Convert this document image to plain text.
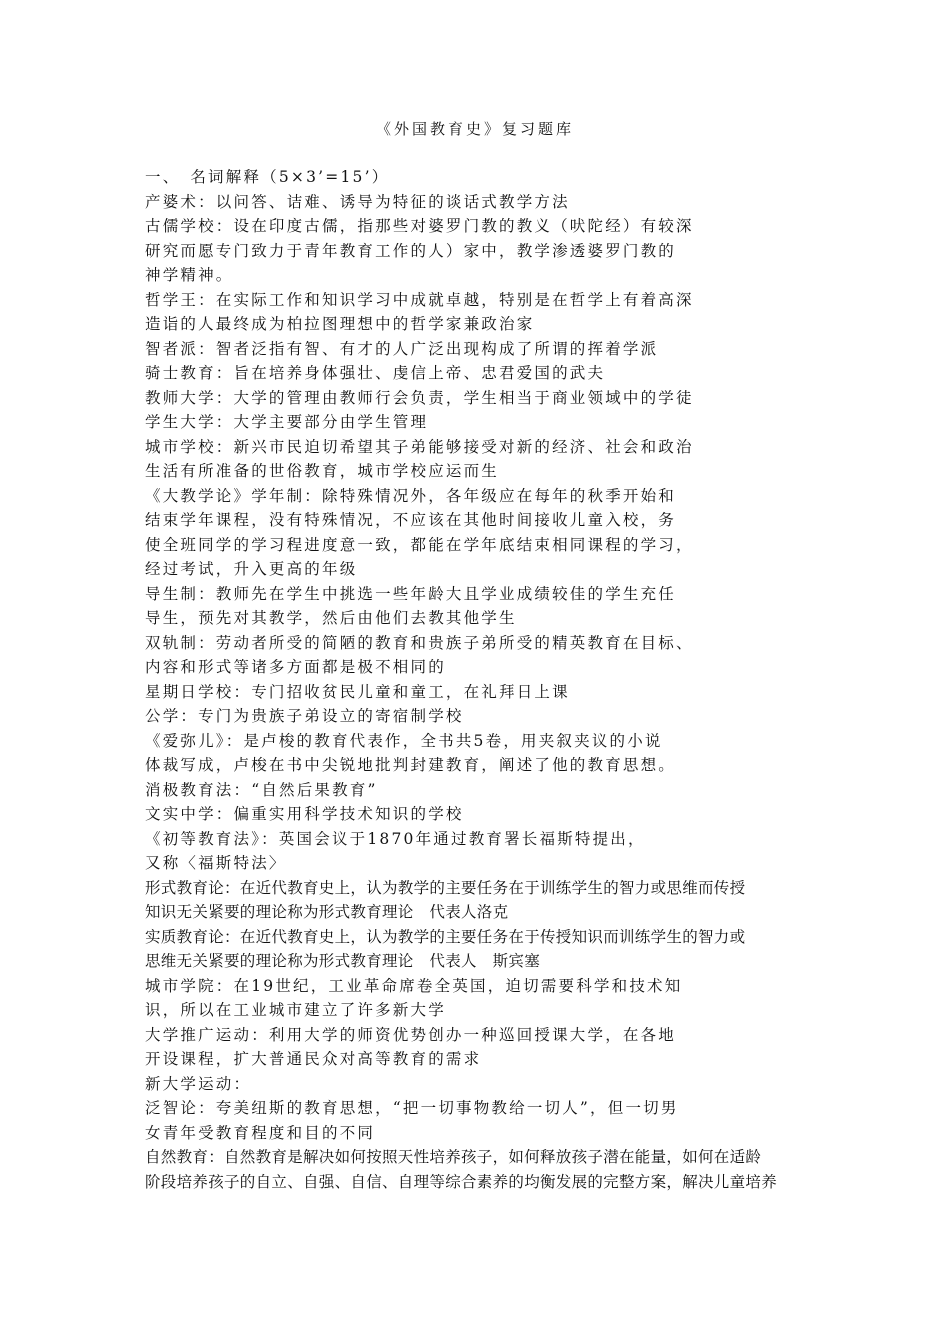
《外国教育史》复习题库
一、　名词解释（5×3’=15’）
产婆术：以问答、诘难、诱导为特征的谈话式教学方法
古儒学校：设在印度古儒，指那些对婆罗门教的教义（吠陀经）有较深
研究而愿专门致力于青年教育工作的人）家中，教学渗透婆罗门教的
神学精神。
哲学王：在实际工作和知识学习中成就卓越，特别是在哲学上有着高深
造诣的人最终成为柏拉图理想中的哲学家兼政治家
智者派：智者泛指有智、有才的人广泛出现构成了所谓的挥着学派
骑士教育：旨在培养身体强壮、虔信上帝、忠君爱国的武夫
教师大学：大学的管理由教师行会负责，学生相当于商业领域中的学徒
学生大学：大学主要部分由学生管理
城市学校：新兴市民迫切希望其子弟能够接受对新的经济、社会和政治
生活有所准备的世俗教育，城市学校应运而生
《大教学论》学年制：除特殊情况外，各年级应在每年的秋季开始和
结束学年课程，没有特殊情况，不应该在其他时间接收儿童入校，务
使全班同学的学习程进度意一致，都能在学年底结束相同课程的学习，
经过考试，升入更高的年级
导生制：教师先在学生中挑选一些年龄大且学业成绩较佳的学生充任
导生，预先对其教学，然后由他们去教其他学生
双轨制：劳动者所受的简陋的教育和贵族子弟所受的精英教育在目标、
内容和形式等诸多方面都是极不相同的
星期日学校：专门招收贫民儿童和童工，在礼拜日上课
公学：专门为贵族子弟设立的寄宿制学校
《爱弥儿》：是卢梭的教育代表作，全书共5卷，用夹叙夹议的小说
体裁写成，卢梭在书中尖锐地批判封建教育，阐述了他的教育思想。
消极教育法：“自然后果教育”
文实中学：偏重实用科学技术知识的学校
《初等教育法》：英国会议于1870年通过教育署长福斯特提出，
又称〈福斯特法〉
形式教育论：在近代教育史上，认为教学的主要任务在于训练学生的智力或思维而传授
知识无关紧要的理论称为形式教育理论　代表人洛克
实质教育论：在近代教育史上，认为教学的主要任务在于传授知识而训练学生的智力或
思维无关紧要的理论称为形式教育理论　代表人　斯宾塞
城市学院：在19世纪，工业革命席卷全英国，迫切需要科学和技术知
识，所以在工业城市建立了许多新大学
大学推广运动：利用大学的师资优势创办一种巡回授课大学，在各地
开设课程，扩大普通民众对高等教育的需求
新大学运动：
泛智论：夸美纽斯的教育思想，“把一切事物教给一切人”，但一切男
女青年受教育程度和目的不同
自然教育：自然教育是解决如何按照天性培养孩子，如何释放孩子潜在能量，如何在适龄
阶段培养孩子的自立、自强、自信、自理等综合素养的均衡发展的完整方案，解决儿童培养
